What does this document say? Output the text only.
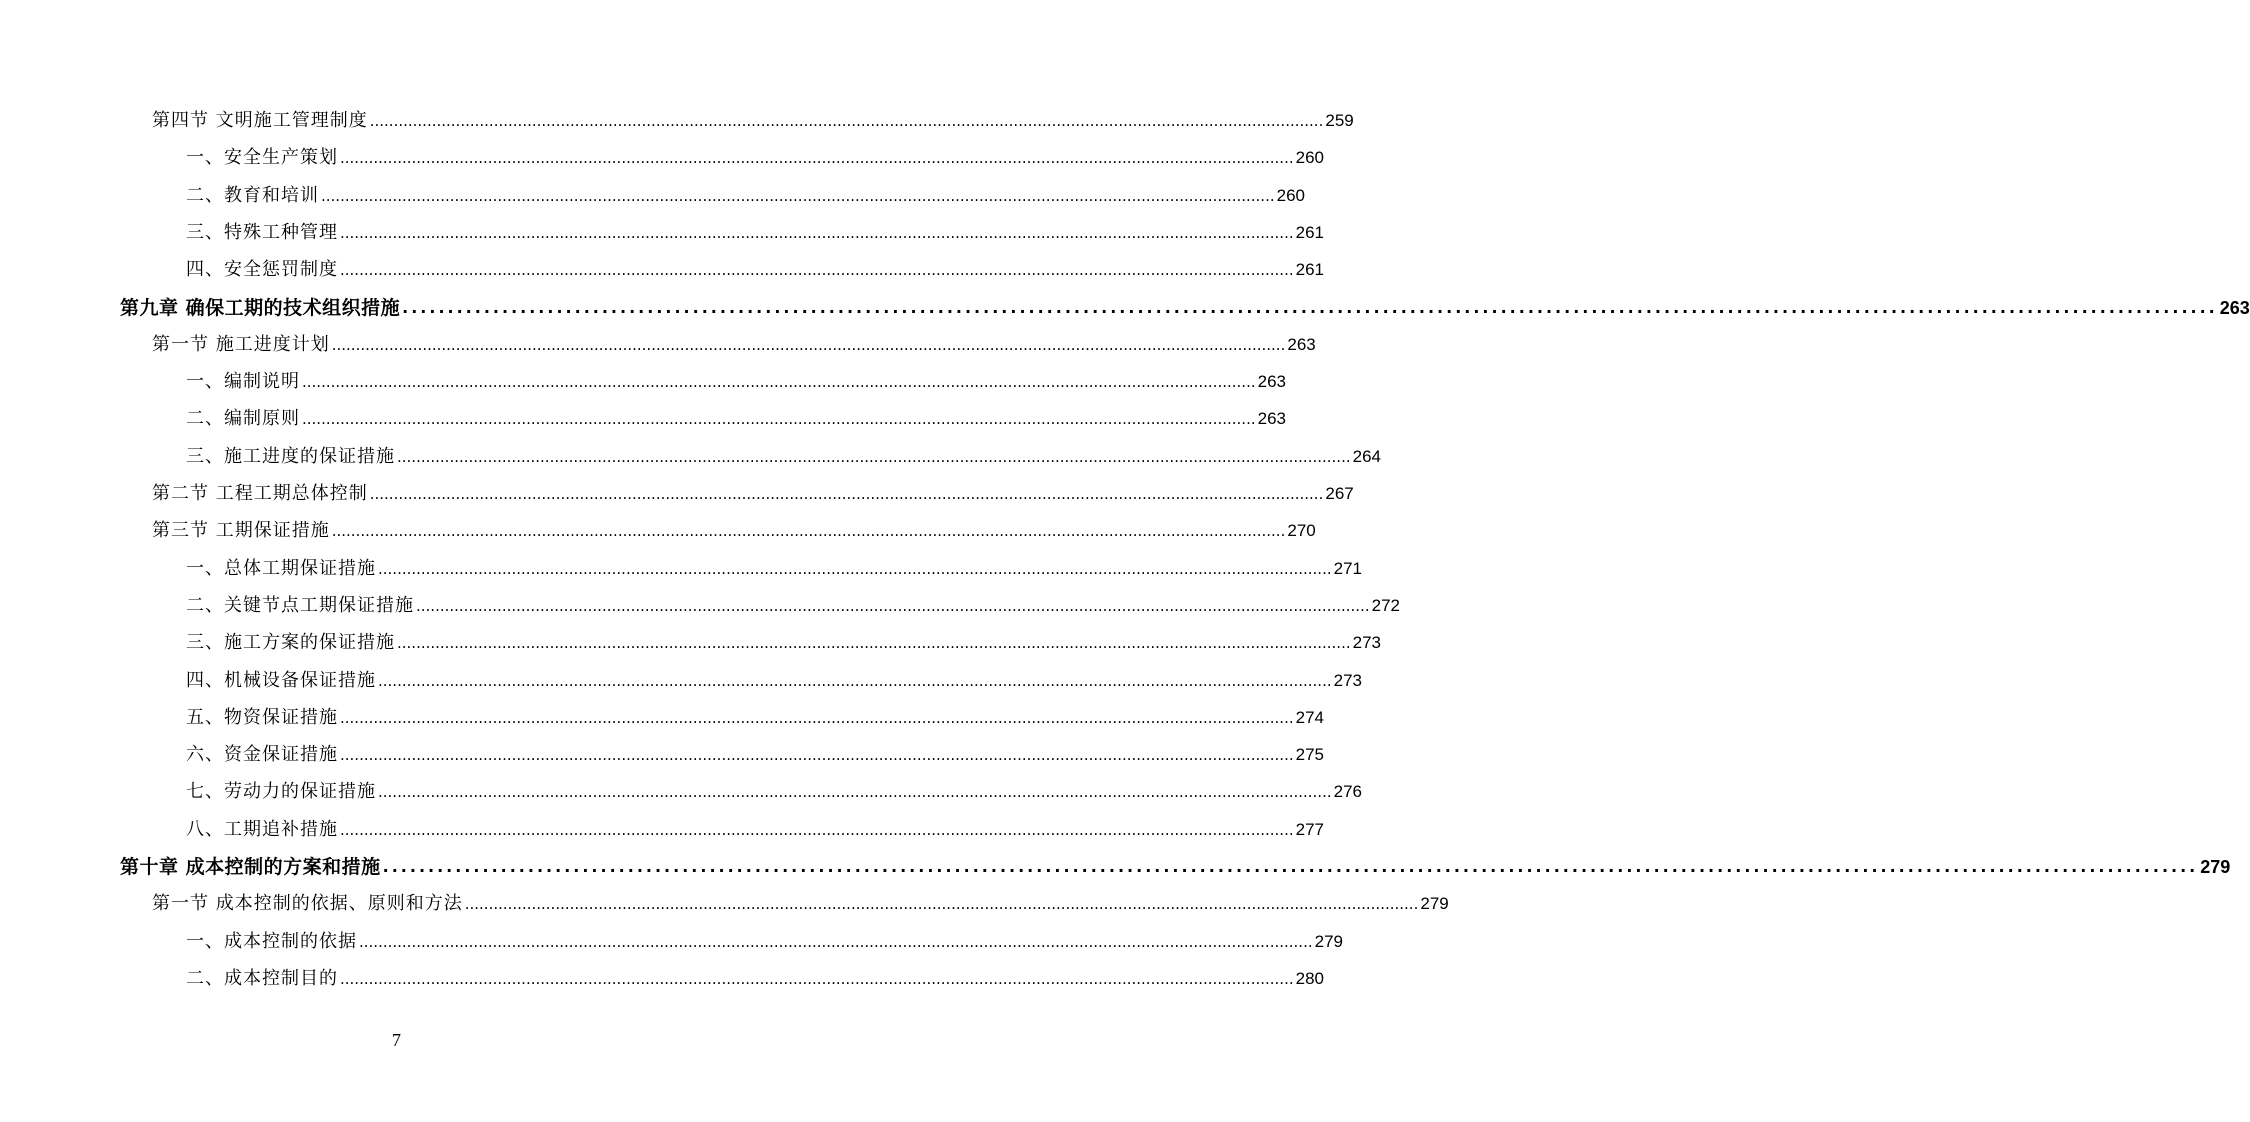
第四节 文明施工管理制度 ........................................................................................................................................................................................................ 259
一、安全生产策划 ........................................................................................................................................................................................................ 260
二、教育和培训 ........................................................................................................................................................................................................ 260
三、特殊工种管理 ........................................................................................................................................................................................................ 261
四、安全惩罚制度 ........................................................................................................................................................................................................ 261
第九章 确保工期的技术组织措施 ........................................................................................................................................................................................................ 263
第一节 施工进度计划 ........................................................................................................................................................................................................ 263
一、编制说明 ........................................................................................................................................................................................................ 263
二、编制原则 ........................................................................................................................................................................................................ 263
三、施工进度的保证措施 ........................................................................................................................................................................................................ 264
第二节 工程工期总体控制 ........................................................................................................................................................................................................ 267
第三节 工期保证措施 ........................................................................................................................................................................................................ 270
一、总体工期保证措施 ........................................................................................................................................................................................................ 271
二、关键节点工期保证措施 ........................................................................................................................................................................................................ 272
三、施工方案的保证措施 ........................................................................................................................................................................................................ 273
四、机械设备保证措施 ........................................................................................................................................................................................................ 273
五、物资保证措施 ........................................................................................................................................................................................................ 274
六、资金保证措施 ........................................................................................................................................................................................................ 275
七、劳动力的保证措施 ........................................................................................................................................................................................................ 276
八、工期追补措施 ........................................................................................................................................................................................................ 277
第十章 成本控制的方案和措施 ........................................................................................................................................................................................................ 279
第一节 成本控制的依据、原则和方法 ........................................................................................................................................................................................................ 279
一、成本控制的依据 ........................................................................................................................................................................................................ 279
二、成本控制目的 ........................................................................................................................................................................................................ 280
7
